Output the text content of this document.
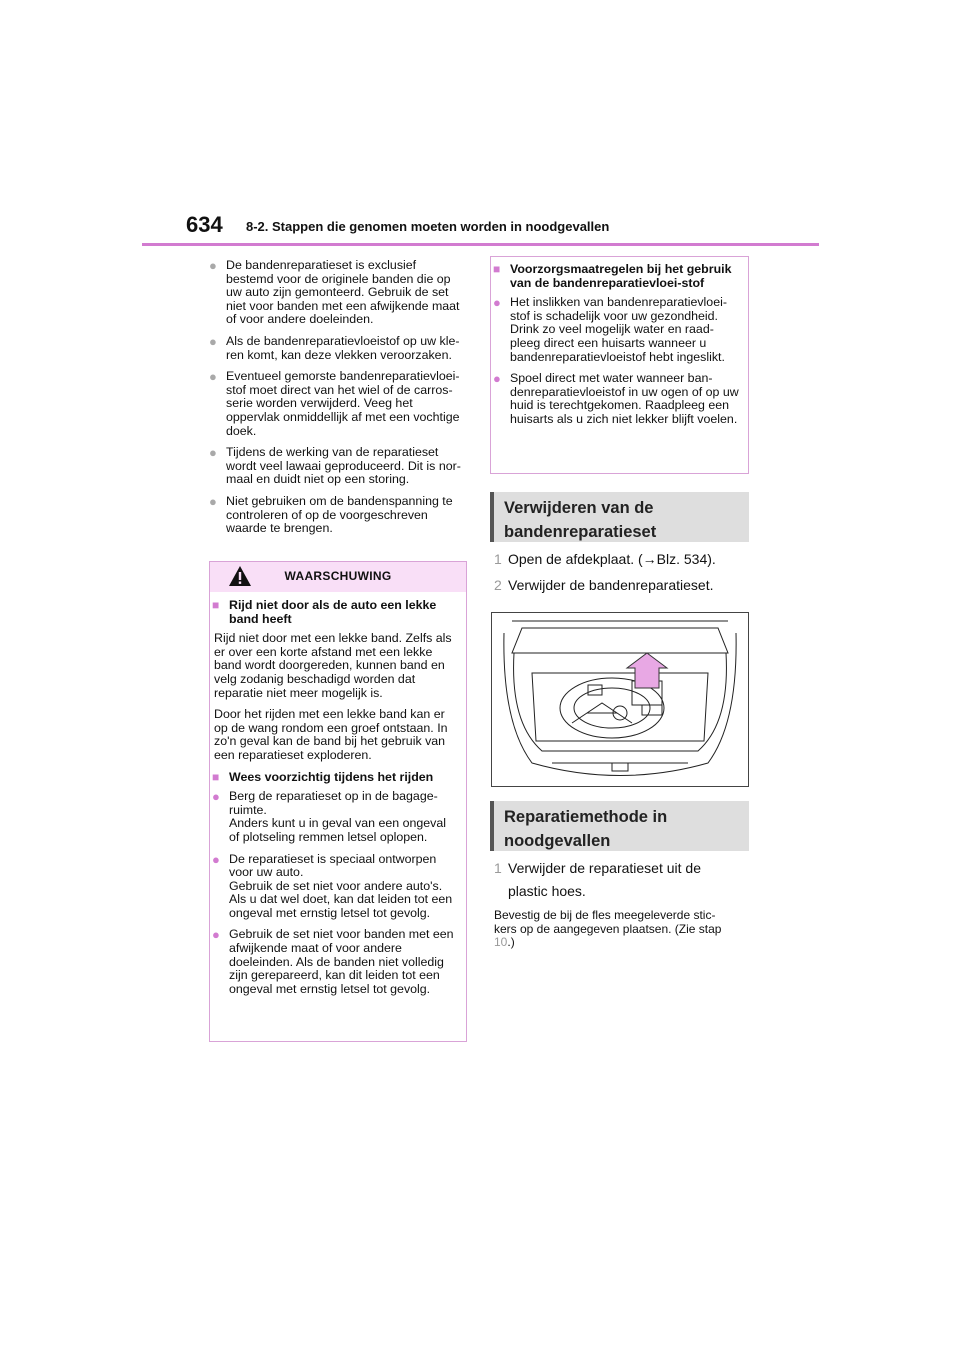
634 8-2. Stappen die genomen moeten worden in noodgevallen
● De bandenreparatieset is exclusief bestemd voor de originele banden die op uw auto zijn gemonteerd. Gebruik de set niet voor banden met een afwijkende maat of voor andere doeleinden.
● Als de bandenreparatievloeistof op uw kle-ren komt, kan deze vlekken veroorzaken.
● Eventueel gemorste bandenreparatievloei-stof moet direct van het wiel of de carros-serie worden verwijderd. Veeg het oppervlak onmiddellijk af met een vochtige doek.
● Tijdens de werking van de reparatieset wordt veel lawaai geproduceerd. Dit is nor-maal en duidt niet op een storing.
● Niet gebruiken om de bandenspanning te controleren of op de voorgeschreven waarde te brengen.
WAARSCHUWING
■ Rijd niet door als de auto een lekke band heeft

Rijd niet door met een lekke band. Zelfs als er over een korte afstand met een lekke band wordt doorgereden, kunnen band en velg zodanig beschadigd worden dat reparatie niet meer mogelijk is.

Door het rijden met een lekke band kan er op de wang rondom een groef ontstaan. In zo'n geval kan de band bij het gebruik van een reparatieset exploderen.

■ Wees voorzichtig tijdens het rijden
● Berg de reparatieset op in de bagage-ruimte.
Anders kunt u in geval van een ongeval of plotseling remmen letsel oplopen.
● De reparatieset is speciaal ontworpen voor uw auto.
Gebruik de set niet voor andere auto's. Als u dat wel doet, kan dat leiden tot een ongeval met ernstig letsel tot gevolg.
● Gebruik de set niet voor banden met een afwijkende maat of voor andere doeleinden. Als de banden niet volledig zijn gerepareerd, kan dit leiden tot een ongeval met ernstig letsel tot gevolg.
■ Voorzorgsmaatregelen bij het gebruik van de bandenreparatievloei-stof
● Het inslikken van bandenreparatievloei-stof is schadelijk voor uw gezondheid. Drink zo veel mogelijk water en raad-pleeg direct een huisarts wanneer u bandenreparatievloeistof hebt ingeslikt.
● Spoel direct met water wanneer ban-denreparatievloeistof in uw ogen of op uw huid is terechtgekomen. Raadpleeg een huisarts als u zich niet lekker blijft voelen.
Verwijderen van de
bandenreparatieset
1 Open de afdekplaat. (→Blz. 534).
2 Verwijder de bandenreparatieset.
Reparatiemethode in
noodgevallen
1 Verwijder de reparatieset uit de
plastic hoes.
Bevestig de bij de fles meegeleverde stic-
kers op de aangegeven plaatsen. (Zie stap
10.)
